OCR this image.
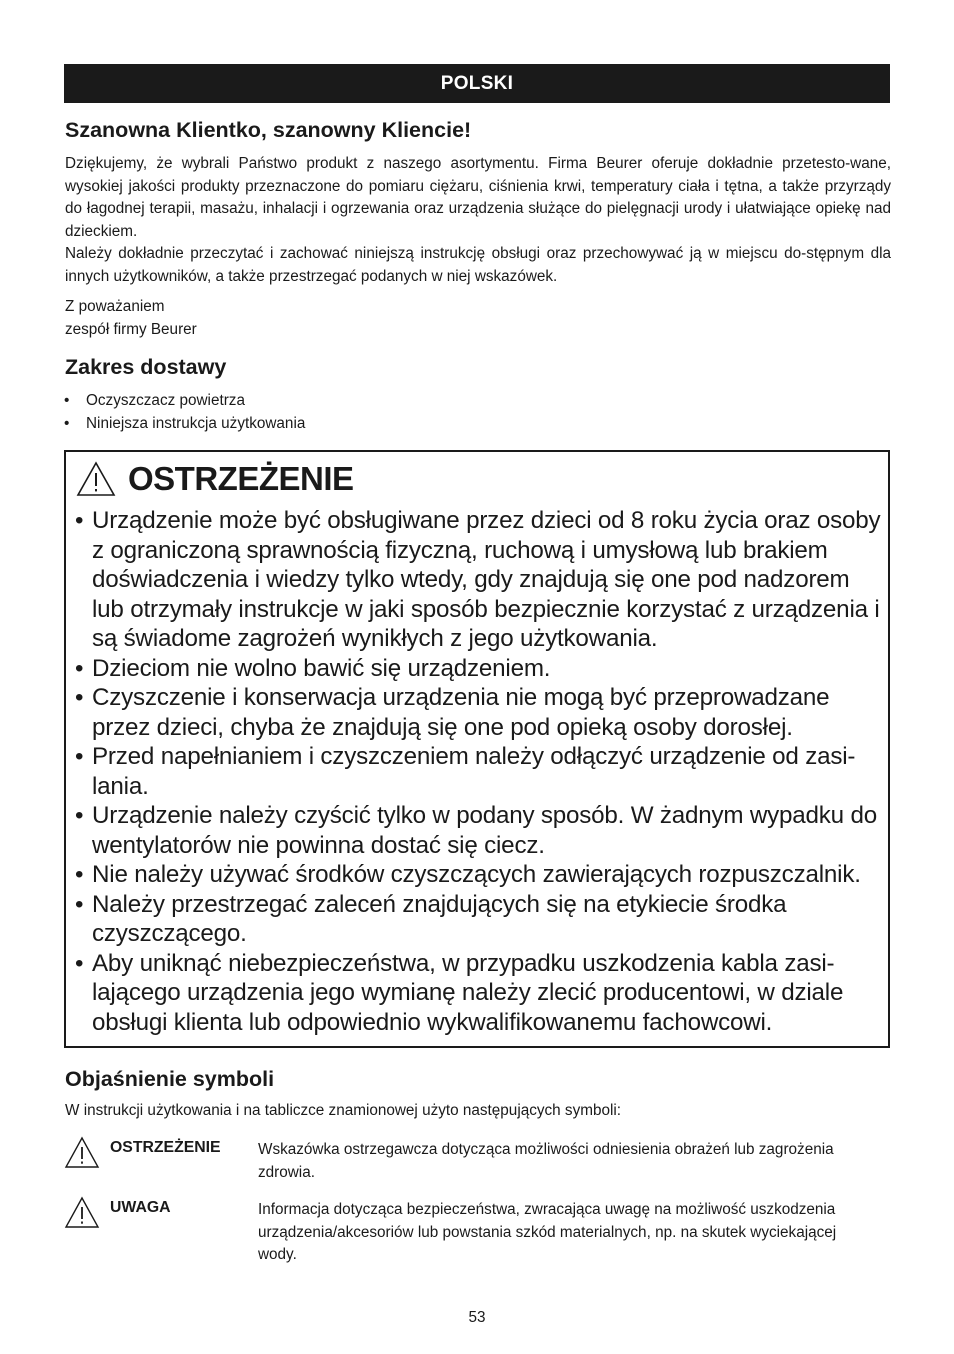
POLSKI
Szanowna Klientko, szanowny Kliencie!

Dziękujemy, że wybrali Państwo produkt z naszego asortymentu. Firma Beurer oferuje dokładnie przetesto-wane, wysokiej jakości produkty przeznaczone do pomiaru ciężaru, ciśnienia krwi, temperatury ciała i tętna, a także przyrządy do łagodnej terapii, masażu, inhalacji i ogrzewania oraz urządzenia służące do pielęgnacji urody i ułatwiające opiekę nad dzieckiem.

Należy dokładnie przeczytać i zachować niniejszą instrukcję obsługi oraz przechowywać ją w miejscu do-stępnym dla innych użytkowników, a także przestrzegać podanych w niej wskazówek.

Z poważaniem
zespół firmy Beurer
Zakres dostawy
• Oczyszczacz powietrza
• Niniejsza instrukcja użytkowania
OSTRZEŻENIE
• Urządzenie może być obsługiwane przez dzieci od 8 roku życia oraz osoby z ograniczoną sprawnością fizyczną, ruchową i umysłową lub brakiem doświadczenia i wiedzy tylko wtedy, gdy znajdują się one pod nadzorem lub otrzymały instrukcje w jaki sposób bezpiecznie korzystać z urządzenia i są świadome zagrożeń wynikłych z jego użytkowania.
• Dzieciom nie wolno bawić się urządzeniem.
• Czyszczenie i konserwacja urządzenia nie mogą być przeprowadzane przez dzieci, chyba że znajdują się one pod opieką osoby dorosłej.
• Przed napełnianiem i czyszczeniem należy odłączyć urządzenie od zasi-lania.
• Urządzenie należy czyścić tylko w podany sposób. W żadnym wypadku do wentylatorów nie powinna dostać się ciecz.
• Nie należy używać środków czyszczących zawierających rozpuszczalnik.
• Należy przestrzegać zaleceń znajdujących się na etykiecie środka czyszczącego.
• Aby uniknąć niebezpieczeństwa, w przypadku uszkodzenia kabla zasi-lającego urządzenia jego wymianę należy zlecić producentowi, w dziale obsługi klienta lub odpowiednio wykwalifikowanemu fachowcowi.
Objaśnienie symboli

W instrukcji użytkowania i na tabliczce znamionowej użyto następujących symboli:

OSTRZEŻENIE Wskazówka ostrzegawcza dotycząca możliwości odniesienia obrażeń lub zagrożenia zdrowia.
UWAGA	Informacja dotycząca bezpieczeństwa, zwracająca uwagę na możliwość uszkodzenia urządzenia/akcesoriów lub powstania szkód materialnych, np. na skutek wyciekającej wody.
53
